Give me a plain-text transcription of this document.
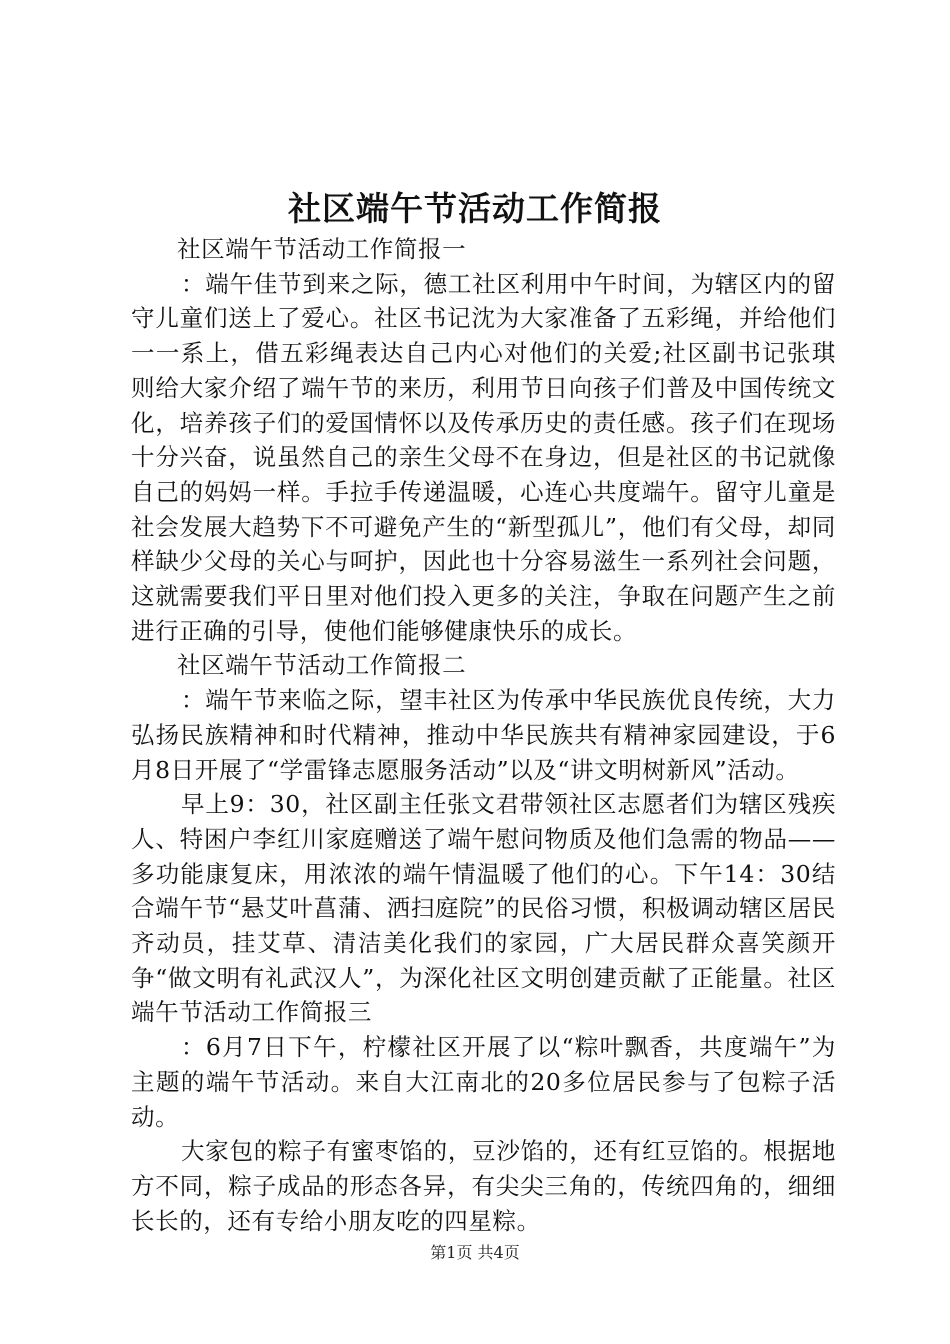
社区端午节活动工作简报

社区端午节活动工作简报一

：端午佳节到来之际，德工社区利用中午时间，为辖区内的留守儿童们送上了爱心。社区书记沈为大家准备了五彩绳，并给他们一一系上，借五彩绳表达自己内心对他们的关爱;社区副书记张琪则给大家介绍了端午节的来历，利用节日向孩子们普及中国传统文化，培养孩子们的爱国情怀以及传承历史的责任感。孩子们在现场十分兴奋，说虽然自己的亲生父母不在身边，但是社区的书记就像自己的妈妈一样。手拉手传递温暖，心连心共度端午。留守儿童是社会发展大趋势下不可避免产生的“新型孤儿”，他们有父母，却同样缺少父母的关心与呵护，因此也十分容易滋生一系列社会问题，这就需要我们平日里对他们投入更多的关注，争取在问题产生之前进行正确的引导，使他们能够健康快乐的成长。

社区端午节活动工作简报二

：端午节来临之际，望丰社区为传承中华民族优良传统，大力弘扬民族精神和时代精神，推动中华民族共有精神家园建设，于6月8日开展了“学雷锋志愿服务活动”以及“讲文明树新风”活动。

早上9：30，社区副主任张文君带领社区志愿者们为辖区残疾人、特困户李红川家庭赠送了端午慰问物质及他们急需的物品——多功能康复床，用浓浓的端午情温暖了他们的心。下午14：30结合端午节“悬艾叶菖蒲、洒扫庭院”的民俗习惯，积极调动辖区居民齐动员，挂艾草、清洁美化我们的家园，广大居民群众喜笑颜开争“做文明有礼武汉人”，为深化社区文明创建贡献了正能量。社区端午节活动工作简报三

：6月7日下午，柠檬社区开展了以“粽叶飘香，共度端午”为主题的端午节活动。来自大江南北的20多位居民参与了包粽子活动。

大家包的粽子有蜜枣馅的，豆沙馅的，还有红豆馅的。根据地方不同，粽子成品的形态各异，有尖尖三角的，传统四角的，细细长长的，还有专给小朋友吃的四星粽。

第1页 共4页
